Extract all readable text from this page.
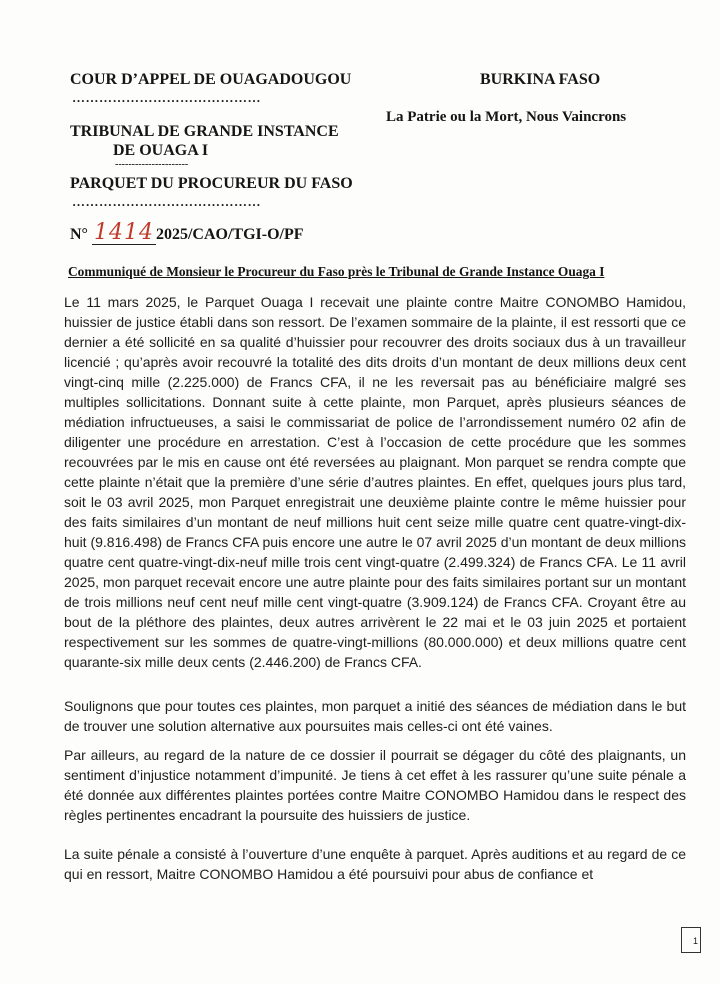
COUR D’APPEL DE OUAGADOUGOU
……………………………………
BURKINA FASO
La Patrie ou la Mort, Nous Vaincrons
TRIBUNAL DE GRANDE INSTANCE
DE OUAGA I
----------------------
PARQUET DU PROCUREUR DU FASO
……………………………………
N° 1414 2025/CAO/TGI-O/PF
Communiqué de Monsieur le Procureur du Faso près le Tribunal de Grande Instance Ouaga I

Le 11 mars 2025, le Parquet Ouaga I recevait une plainte contre Maitre CONOMBO Hamidou, huissier de justice établi dans son ressort. De l’examen sommaire de la plainte, il est ressorti que ce dernier a été sollicité en sa qualité d’huissier pour recouvrer des droits sociaux dus à un travailleur licencié ; qu’après avoir recouvré la totalité des dits droits d’un montant de deux millions deux cent vingt-cinq mille (2.225.000) de Francs CFA, il ne les reversait pas au bénéficiaire malgré ses multiples sollicitations. Donnant suite à cette plainte, mon Parquet, après plusieurs séances de médiation infructueuses, a saisi le commissariat de police de l’arrondissement numéro 02 afin de diligenter une procédure en arrestation. C’est à l’occasion de cette procédure que les sommes recouvrées par le mis en cause ont été reversées au plaignant. Mon parquet se rendra compte que cette plainte n’était que la première d’une série d’autres plaintes. En effet, quelques jours plus tard, soit le 03 avril 2025, mon Parquet enregistrait une deuxième plainte contre le même huissier pour des faits similaires d’un montant de neuf millions huit cent seize mille quatre cent quatre-vingt-dix-huit (9.816.498) de Francs CFA puis encore une autre le 07 avril 2025 d’un montant de deux millions quatre cent quatre-vingt-dix-neuf mille trois cent vingt-quatre (2.499.324) de Francs CFA. Le 11 avril 2025, mon parquet recevait encore une autre plainte pour des faits similaires portant sur un montant de trois millions neuf cent neuf mille cent vingt-quatre (3.909.124) de Francs CFA. Croyant être au bout de la pléthore des plaintes, deux autres arrivèrent le 22 mai et le 03 juin 2025 et portaient respectivement sur les sommes de quatre-vingt-millions (80.000.000) et deux millions quatre cent quarante-six mille deux cents (2.446.200) de Francs CFA.

Soulignons que pour toutes ces plaintes, mon parquet a initié des séances de médiation dans le but de trouver une solution alternative aux poursuites mais celles-ci ont été vaines.

Par ailleurs, au regard de la nature de ce dossier il pourrait se dégager du côté des plaignants, un sentiment d’injustice notamment d’impunité. Je tiens à cet effet à les rassurer qu’une suite pénale a été donnée aux différentes plaintes portées contre Maitre CONOMBO Hamidou dans le respect des règles pertinentes encadrant la poursuite des huissiers de justice.

La suite pénale a consisté à l’ouverture d’une enquête à parquet. Après auditions et au regard de ce qui en ressort, Maitre CONOMBO Hamidou a été poursuivi pour abus de confiance et

1
